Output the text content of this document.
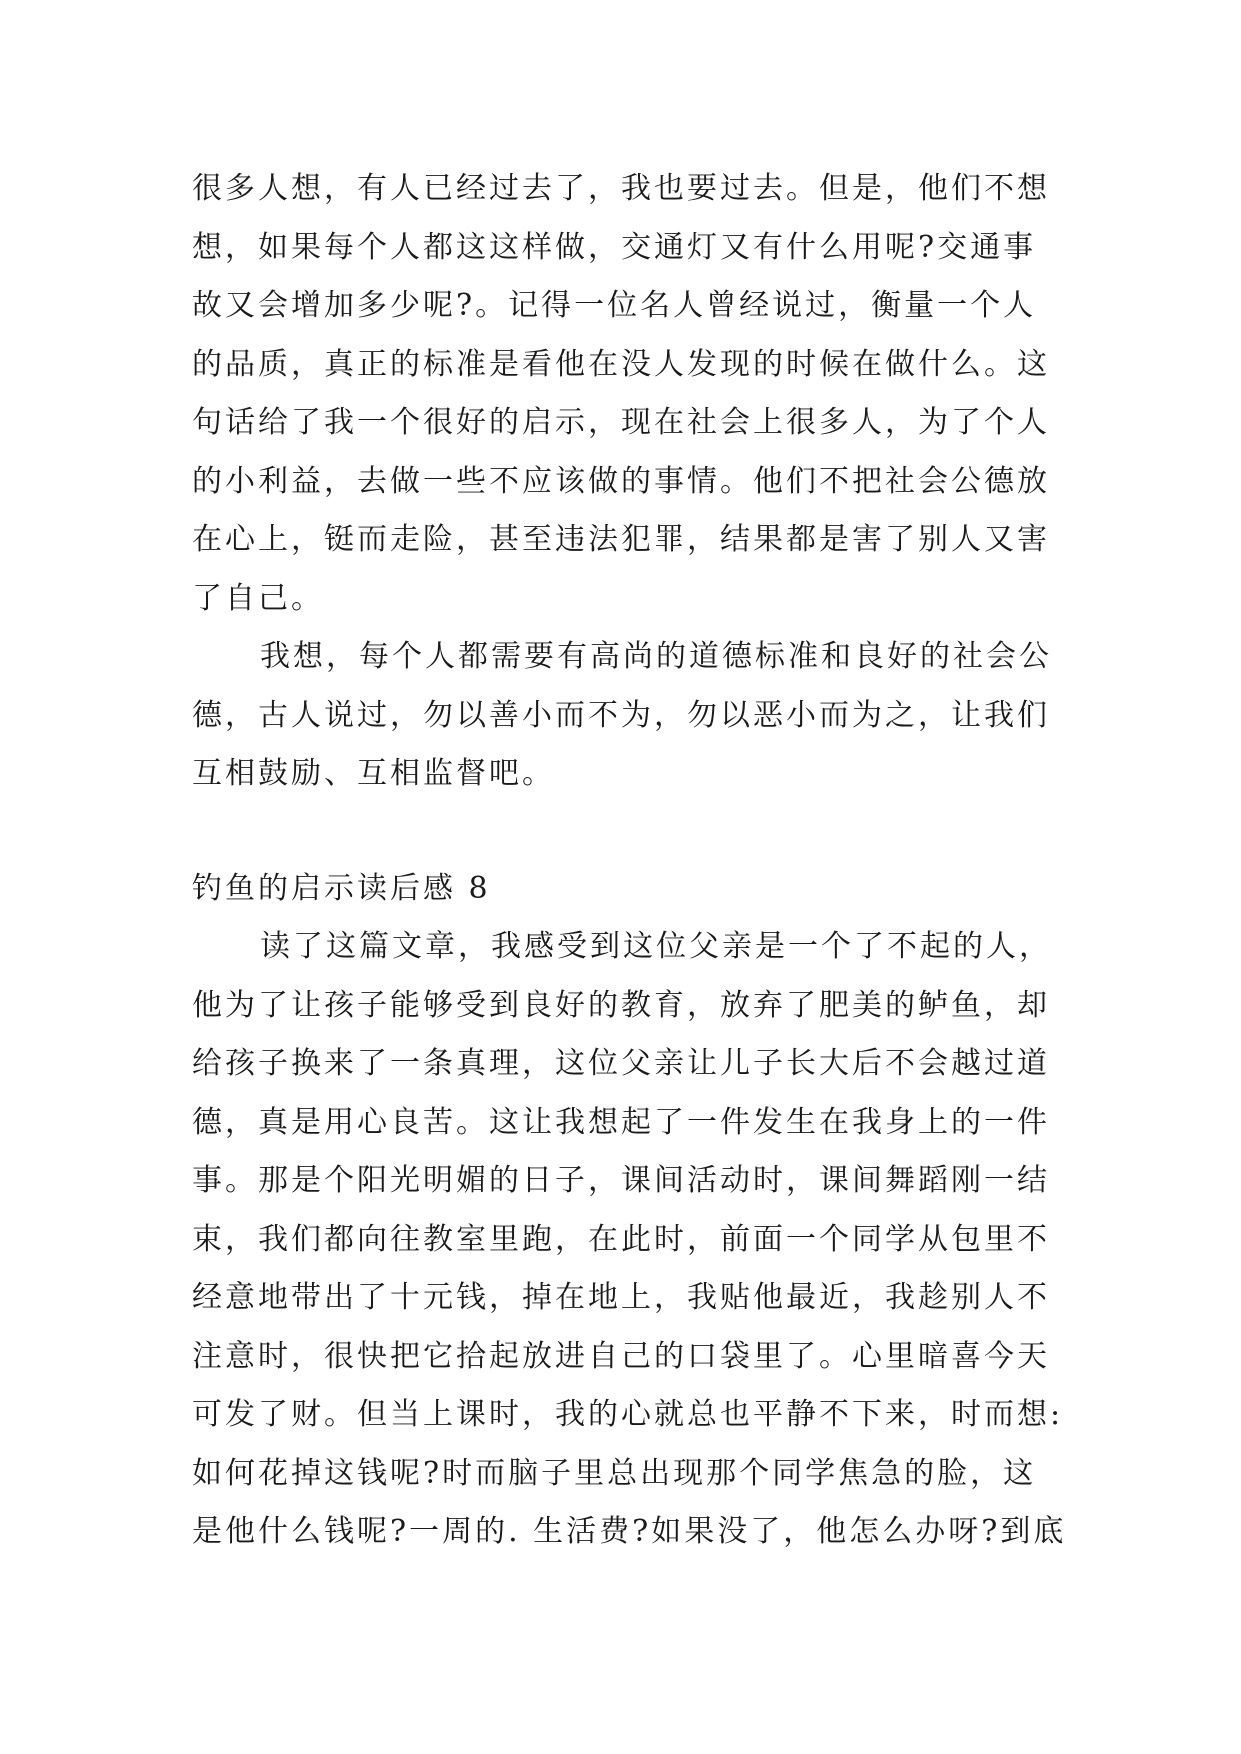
很多人想，有人已经过去了，我也要过去。但是，他们不想
想，如果每个人都这这样做，交通灯又有什么用呢?交通事
故又会增加多少呢?。记得一位名人曾经说过，衡量一个人
的品质，真正的标准是看他在没人发现的时候在做什么。这
句话给了我一个很好的启示，现在社会上很多人，为了个人
的小利益，去做一些不应该做的事情。他们不把社会公德放
在心上，铤而走险，甚至违法犯罪，结果都是害了别人又害
了自己。
我想，每个人都需要有高尚的道德标准和良好的社会公
德，古人说过，勿以善小而不为，勿以恶小而为之，让我们
互相鼓励、互相监督吧。
钓鱼的启示读后感 8
读了这篇文章，我感受到这位父亲是一个了不起的人，
他为了让孩子能够受到良好的教育，放弃了肥美的鲈鱼，却
给孩子换来了一条真理，这位父亲让儿子长大后不会越过道
德，真是用心良苦。这让我想起了一件发生在我身上的一件
事。那是个阳光明媚的日子，课间活动时，课间舞蹈刚一结
束，我们都向往教室里跑，在此时，前面一个同学从包里不
经意地带出了十元钱，掉在地上，我贴他最近，我趁别人不
注意时，很快把它拾起放进自己的口袋里了。心里暗喜今天
可发了财。但当上课时，我的心就总也平静不下来，时而想:
如何花掉这钱呢?时而脑子里总出现那个同学焦急的脸，这
是他什么钱呢?一周的. 生活费?如果没了，他怎么办呀?到底
